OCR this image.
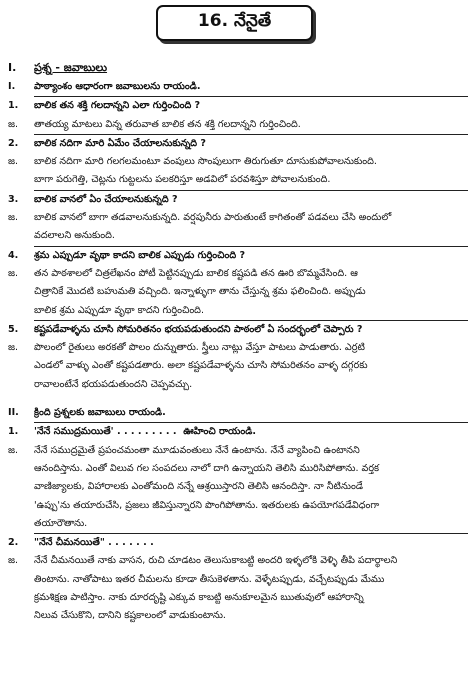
16. నేనైతే
I.	ప్రశ్న - జవాబులు
I.	పాఠ్యాంశం ఆధారంగా జవాబులను రాయండి.
1.	బాలిక తన శక్తి గలదాన్నని ఎలా గుర్తించింది ?
జ.	తాతయ్య మాటలు విన్న తరువాత బాలిక తన శక్తి గలదాన్నని గుర్తించింది.
2.	బాలిక నదిగా మారి ఏమేం చేయాలనుకున్నది ?
జ.	బాలిక నదిగా మారి గలగలమంటూ వంపులు సొంపులుగా తిరుగుతూ దూసుకుపోవాలనుకుంది.
బాగా పరుగెత్తి, చెట్లను గుట్టలను పలకరిస్తూ అడవిలో పరవశిస్తూ పోవాలనుకుంది.
3.	బాలిక వానలో ఏం చేయాలనుకున్నది ?
జ.	బాలిక వానలో బాగా తడవాలనుకున్నది. వర్షపునీరు పారుతుంటే కాగితంతో పడవలు చేసి అందులో
వదలాలని అనుకుంది.
4.	శ్రమ ఎప్పుడూ వృథా కాదని బాలిక ఎప్పుడు గుర్తించింది ?
జ.	తన పాఠశాలలో చిత్రలేఖనం పోటీ పెట్టినప్పుడు బాలిక కష్టపడి తన ఊరి బొమ్మవేసింది. ఆ
చిత్రానికే మొదటి బహుమతి వచ్చింది. ఇన్నాళ్ళుగా తాను చేస్తున్న శ్రమ ఫలించింది. అప్పుడు
బాలిక శ్రమ ఎప్పుడూ వృథా కాదని గుర్తించింది.
5.	కష్టపడేవాళ్ళను చూసి సోమరితనం భయపడుతుందని పాఠంలో ఏ సందర్భంలో చెప్పారు ?
జ.	పొలంలో రైతులు అరకతో పొలం దున్నుతారు. స్త్రీలు నాట్లు వేస్తూ పాటలు పాడుతారు. ఎర్రటి
ఎండలో వాళ్ళు ఎంతో కష్టపడతారు. అలా కష్టపడేవాళ్ళను చూసి సోమరితనం వాళ్ళ దగ్గరకు
రావాలంటేనే భయపడుతుందని చెప్పవచ్చు.
II.	క్రింది ప్రశ్నలకు జవాబులు రాయండి.
1.	'నేనే సముద్రమయితే' . . . . . . . . . ఊహించి రాయండి.
జ.	నేనే సముద్రమైతే ప్రపంచమంతా మూడువంతులు నేనే ఉంటాను. నేనే వ్యాపించి ఉంటానని
ఆనందిస్తాను. ఎంతో విలువ గల సంపదలు నాలో దాగి ఉన్నాయని తెలిసి మురిసిపోతాను. వర్తక
వాణిజ్యాలకు, విహారాలకు ఎంతోమంది నన్నే ఆశ్రయిస్తారని తెలిసి ఆనందిస్తా. నా నీటినుండే
'ఉప్పు'ను తయారుచేసి, ప్రజలు జీవిస్తున్నారని పొంగిపోతాను. ఇతరులకు ఉపయోగపడేవిధంగా
తయారౌతాను.
2.	"నేనే చీమనయితే" . . . . . . .
జ.	నేనే చీమనయితే నాకు వాసన, రుచి చూడటం తెలుసుకాబట్టి అందరి ఇళ్ళలోకి వెళ్ళి తీపి పదార్థాలని
తింటాను. నాతోపాటు ఇతర చీమలను కూడా తీసుకెళతాను. వెళ్ళేటప్పుడు, వచ్చేటప్పుడు మేము
క్రమశిక్షణ పాటిస్తాం. నాకు దూరదృష్టి ఎక్కువ కాబట్టి అనుకూలమైన ఋతువులో ఆహారాన్ని
నిలువ చేసుకొని, దానిని కష్టకాలంలో వాడుకుంటాను.
